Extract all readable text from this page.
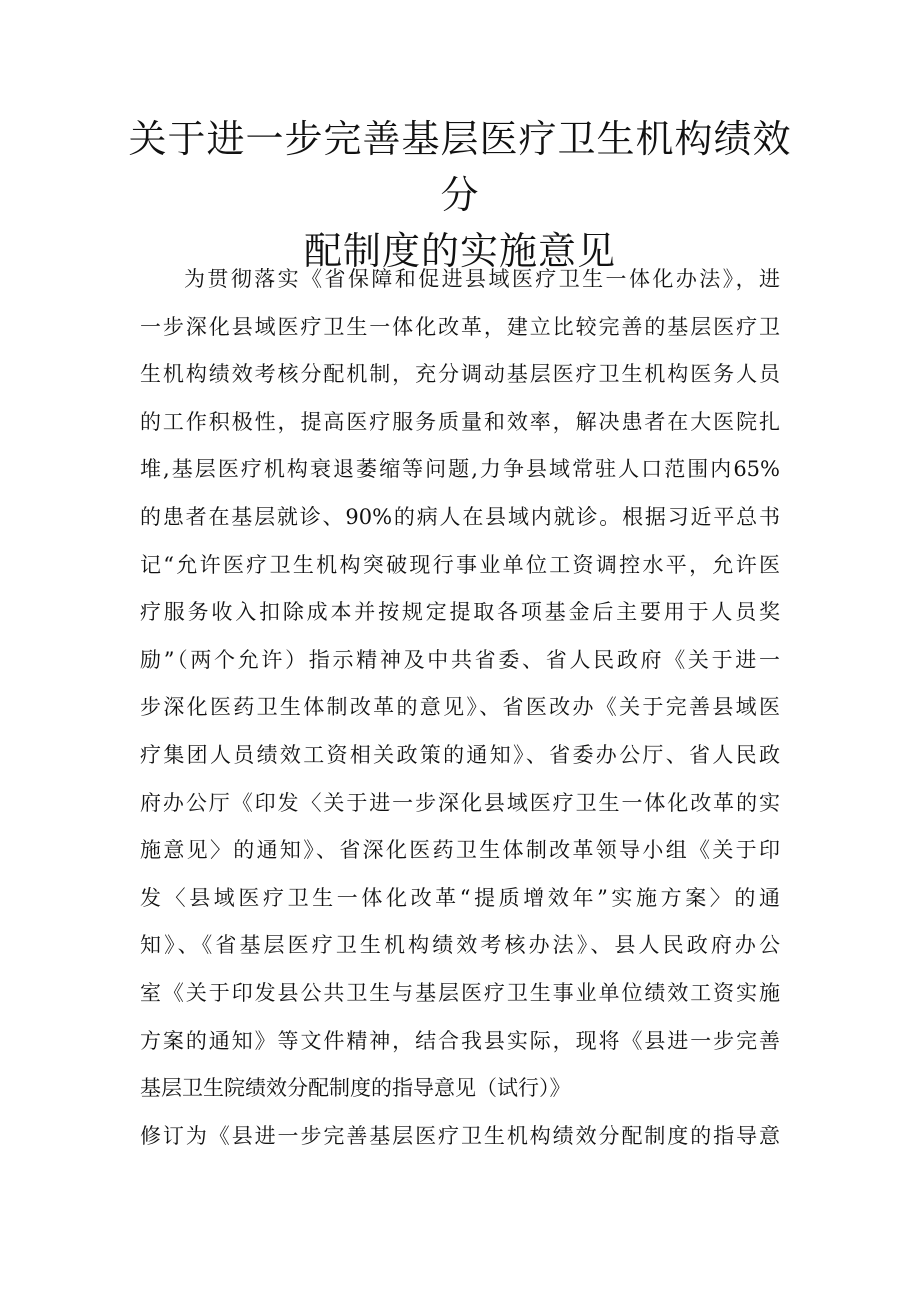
关于进一步完善基层医疗卫生机构绩效分
配制度的实施意见
为贯彻落实《省保障和促进县域医疗卫生一体化办法》，进
一步深化县域医疗卫生一体化改革，建立比较完善的基层医疗卫
生机构绩效考核分配机制，充分调动基层医疗卫生机构医务人员
的工作积极性，提高医疗服务质量和效率，解决患者在大医院扎
堆,基层医疗机构衰退萎缩等问题,力争县域常驻人口范围内65%
的患者在基层就诊、90%的病人在县域内就诊。根据习近平总书
记“允许医疗卫生机构突破现行事业单位工资调控水平，允许医
疗服务收入扣除成本并按规定提取各项基金后主要用于人员奖
励”（两个允许）指示精神及中共省委、省人民政府《关于进一
步深化医药卫生体制改革的意见》、省医改办《关于完善县域医
疗集团人员绩效工资相关政策的通知》、省委办公厅、省人民政
府办公厅《印发〈关于进一步深化县域医疗卫生一体化改革的实
施意见〉的通知》、省深化医药卫生体制改革领导小组《关于印
发〈县域医疗卫生一体化改革“提质增效年”实施方案〉的通
知》、《省基层医疗卫生机构绩效考核办法》、县人民政府办公
室《关于印发县公共卫生与基层医疗卫生事业单位绩效工资实施
方案的通知》等文件精神，结合我县实际，现将《县进一步完善
基层卫生院绩效分配制度的指导意见（试行）》
修订为《县进一步完善基层医疗卫生机构绩效分配制度的指导意
